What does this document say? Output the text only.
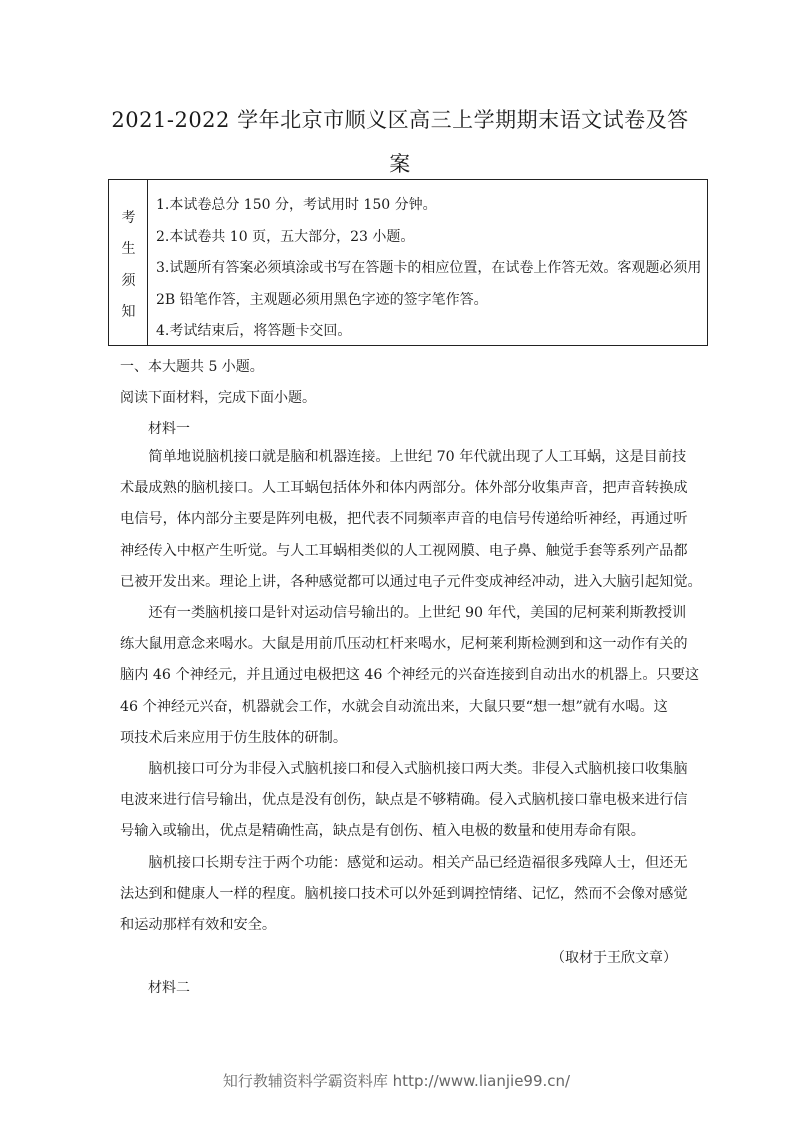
2021-2022 学年北京市顺义区高三上学期期末语文试卷及答
案
考
生
须
知

1.本试卷总分 150 分，考试用时 150 分钟。

2.本试卷共 10 页，五大部分，23 小题。

3.试题所有答案必须填涂或书写在答题卡的相应位置，在试卷上作答无效。客观题必须用

2B 铅笔作答，主观题必须用黑色字迹的签字笔作答。

4.考试结束后，将答题卡交回。

一、本大题共 5 小题。

阅读下面材料，完成下面小题。

材料一

　　简单地说脑机接口就是脑和机器连接。上世纪 70 年代就出现了人工耳蜗，这是目前技
术最成熟的脑机接口。人工耳蜗包括体外和体内两部分。体外部分收集声音，把声音转换成
电信号，体内部分主要是阵列电极，把代表不同频率声音的电信号传递给听神经，再通过听
神经传入中枢产生听觉。与人工耳蜗相类似的人工视网膜、电子鼻、触觉手套等系列产品都
已被开发出来。理论上讲，各种感觉都可以通过电子元件变成神经冲动，进入大脑引起知觉。
　　还有一类脑机接口是针对运动信号输出的。上世纪 90 年代，美国的尼柯莱利斯教授训
练大鼠用意念来喝水。大鼠是用前爪压动杠杆来喝水，尼柯莱利斯检测到和这一动作有关的
脑内 46 个神经元，并且通过电极把这 46 个神经元的兴奋连接到自动出水的机器上。只要这
46 个神经元兴奋，机器就会工作，水就会自动流出来，大鼠只要“想一想”就有水喝。这
项技术后来应用于仿生肢体的研制。
　　脑机接口可分为非侵入式脑机接口和侵入式脑机接口两大类。非侵入式脑机接口收集脑
电波来进行信号输出，优点是没有创伤，缺点是不够精确。侵入式脑机接口靠电极来进行信
号输入或输出，优点是精确性高，缺点是有创伤、植入电极的数量和使用寿命有限。
　　脑机接口长期专注于两个功能：感觉和运动。相关产品已经造福很多残障人士，但还无
法达到和健康人一样的程度。脑机接口技术可以外延到调控情绪、记忆，然而不会像对感觉
和运动那样有效和安全。

（取材于王欣文章）

材料二

知行教辅资料学霸资料库 http://www.lianjie99.cn/
